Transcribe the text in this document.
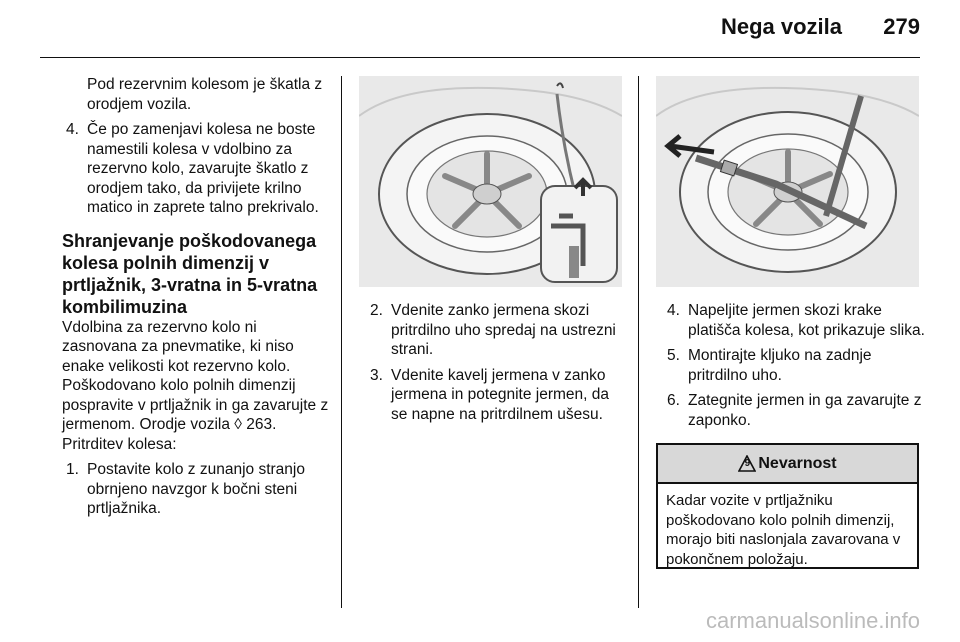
Nega vozila 279
Pod rezervnim kolesom je škatla z orodjem vozila.
4. Če po zamenjavi kolesa ne boste namestili kolesa v vdolbino za rezervno kolo, zavarujte škatlo z orodjem tako, da privijete krilno matico in zaprete talno prekrivalo.
Shranjevanje poškodovanega kolesa polnih dimenzij v prtljažnik, 3-vratna in 5-vratna kombilimuzina
Vdolbina za rezervno kolo ni zasnovana za pnevmatike, ki niso enake velikosti kot rezervno kolo. Poškodovano kolo polnih dimenzij pospravite v prtljažnik in ga zavarujte z jermenom. Orodje vozila ◊ 263.
Pritrditev kolesa:
1. Postavite kolo z zunanjo stranjo obrnjeno navzgor k bočni steni prtljažnika.
2. Vdenite zanko jermena skozi pritrdilno uho spredaj na ustrezni strani.
3. Vdenite kavelj jermena v zanko jermena in potegnite jermen, da se napne na pritrdilnem ušesu.
4. Napeljite jermen skozi krake platišča kolesa, kot prikazuje slika.
5. Montirajte kljuko na zadnje pritrdilno uho.
6. Zategnite jermen in ga zavarujte z zaponko.
9 Nevarnost
Kadar vozite v prtljažniku poškodovano kolo polnih dimenzij, morajo biti naslonjala zavarovana v pokončnem položaju.
carmanualsonline.info
